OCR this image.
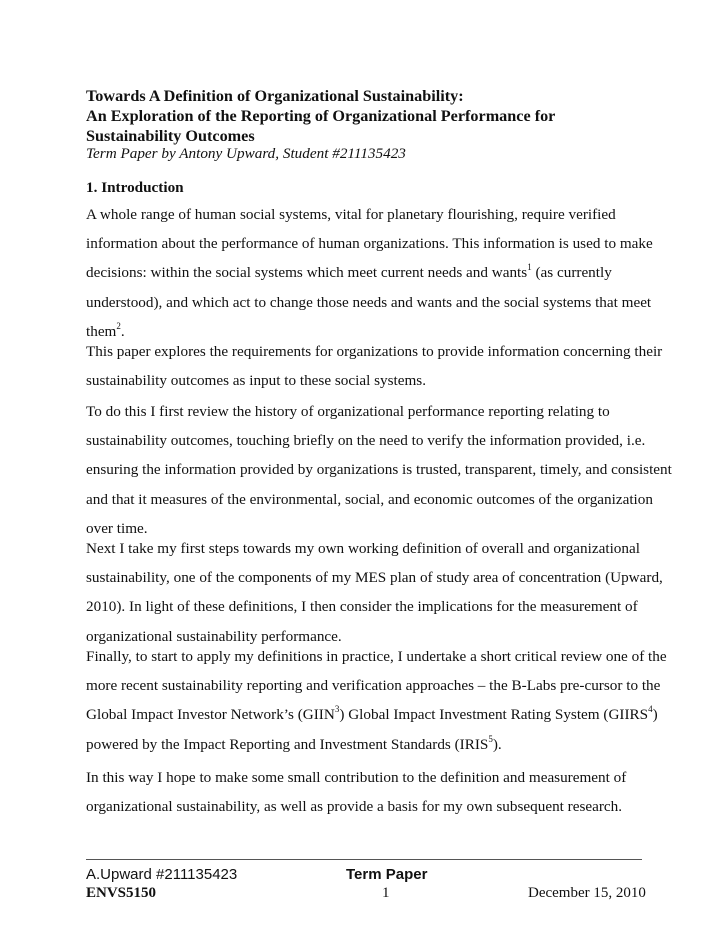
Towards A Definition of Organizational Sustainability:
An Exploration of the Reporting of Organizational Performance for
Sustainability Outcomes
Term Paper by Antony Upward, Student #211135423
1. Introduction
A whole range of human social systems, vital for planetary flourishing, require verified
information about the performance of human organizations. This information is used to make
decisions: within the social systems which meet current needs and wants$^1$ (as currently
understood), and which act to change those needs and wants and the social systems that meet
them$^2$.
This paper explores the requirements for organizations to provide information concerning their
sustainability outcomes as input to these social systems.
To do this I first review the history of organizational performance reporting relating to
sustainability outcomes, touching briefly on the need to verify the information provided, i.e.
ensuring the information provided by organizations is trusted, transparent, timely, and consistent
and that it measures of the environmental, social, and economic outcomes of the organization
over time.
Next I take my first steps towards my own working definition of overall and organizational
sustainability, one of the components of my MES plan of study area of concentration (Upward,
2010). In light of these definitions, I then consider the implications for the measurement of
organizational sustainability performance.
Finally, to start to apply my definitions in practice, I undertake a short critical review one of the
more recent sustainability reporting and verification approaches – the B-Labs pre-cursor to the
Global Impact Investor Network’s (GIIN$^3$) Global Impact Investment Rating System (GIIRS$^4$)
powered by the Impact Reporting and Investment Standards (IRIS$^5$).
In this way I hope to make some small contribution to the definition and measurement of
organizational sustainability, as well as provide a basis for my own subsequent research.
A.Upward #211135423	Term Paper
ENVS5150	1	December 15, 2010
